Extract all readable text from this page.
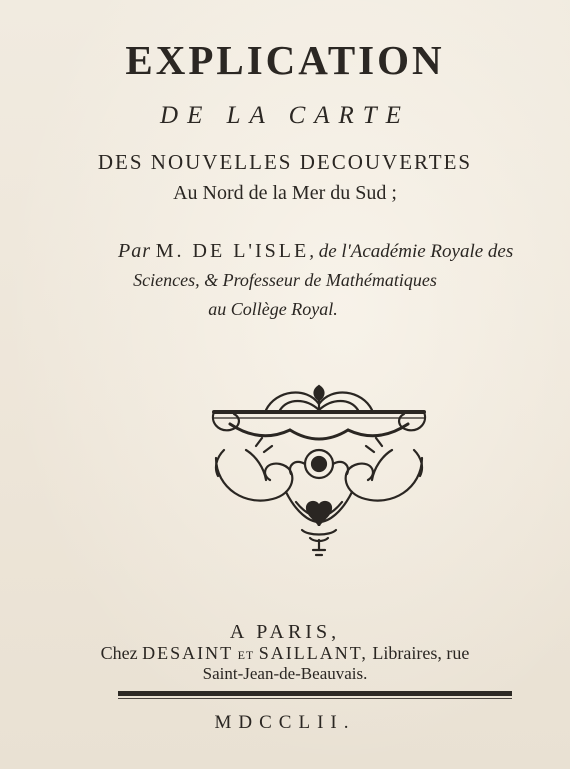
EXPLICATION
DE LA CARTE
DES NOUVELLES DECOUVERTES
Au Nord de la Mer du Sud ;
Par M. DE L'ISLE, de l'Académie Royale des
Sciences, & Professeur de Mathématiques
au Collège Royal.
A PARIS,
Chez DESAINT ET SAILLANT, Libraires, rue
Saint-Jean-de-Beauvais.
MDCCLII.
